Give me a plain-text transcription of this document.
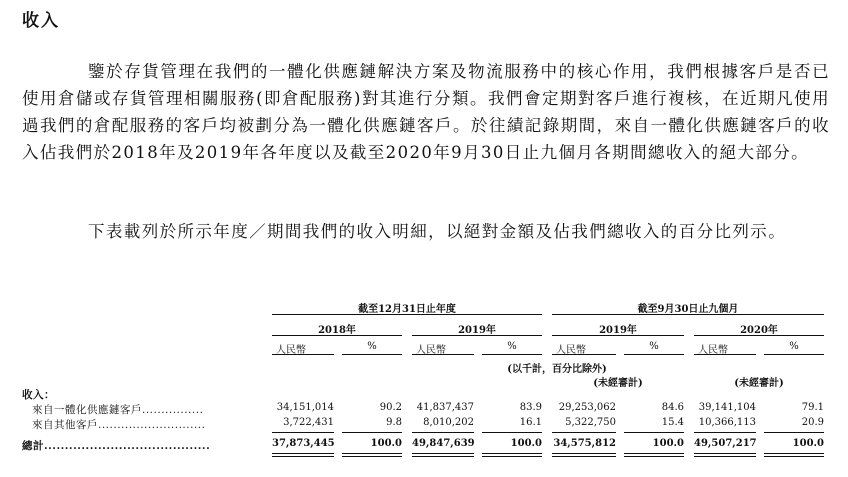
收入

鑒於存貨管理在我們的一體化供應鏈解決方案及物流服務中的核心作用，我們根據客戶是否已使用倉儲或存貨管理相關服務(即倉配服務)對其進行分類。我們會定期對客戶進行複核，在近期凡使用過我們的倉配服務的客戶均被劃分為一體化供應鏈客戶。於往績記錄期間，來自一體化供應鏈客戶的收入佔我們於2018年及2019年各年度以及截至2020年9月30日止九個月各期間總收入的絕大部分。

下表載列於所示年度／期間我們的收入明細，以絕對金額及佔我們總收入的百分比列示。

截至12月31日止年度	截至9月30日止九個月
2018年	2019年	2019年	2020年
人民幣	%	人民幣	%	人民幣	%	人民幣	%
(以千計，百分比除外)
(未經審計)	(未經審計)
收入：
來自一體化供應鏈客戶................	34,151,014	90.2	41,837,437	83.9	29,253,062	84.6	39,141,104	79.1
來自其他客戶............................	3,722,431	9.8	8,010,202	16.1	5,322,750	15.4	10,366,113	20.9
總計........................................	37,873,445	100.0 49,847,639	100.0 34,575,812	100.0 49,507,217	100.0
